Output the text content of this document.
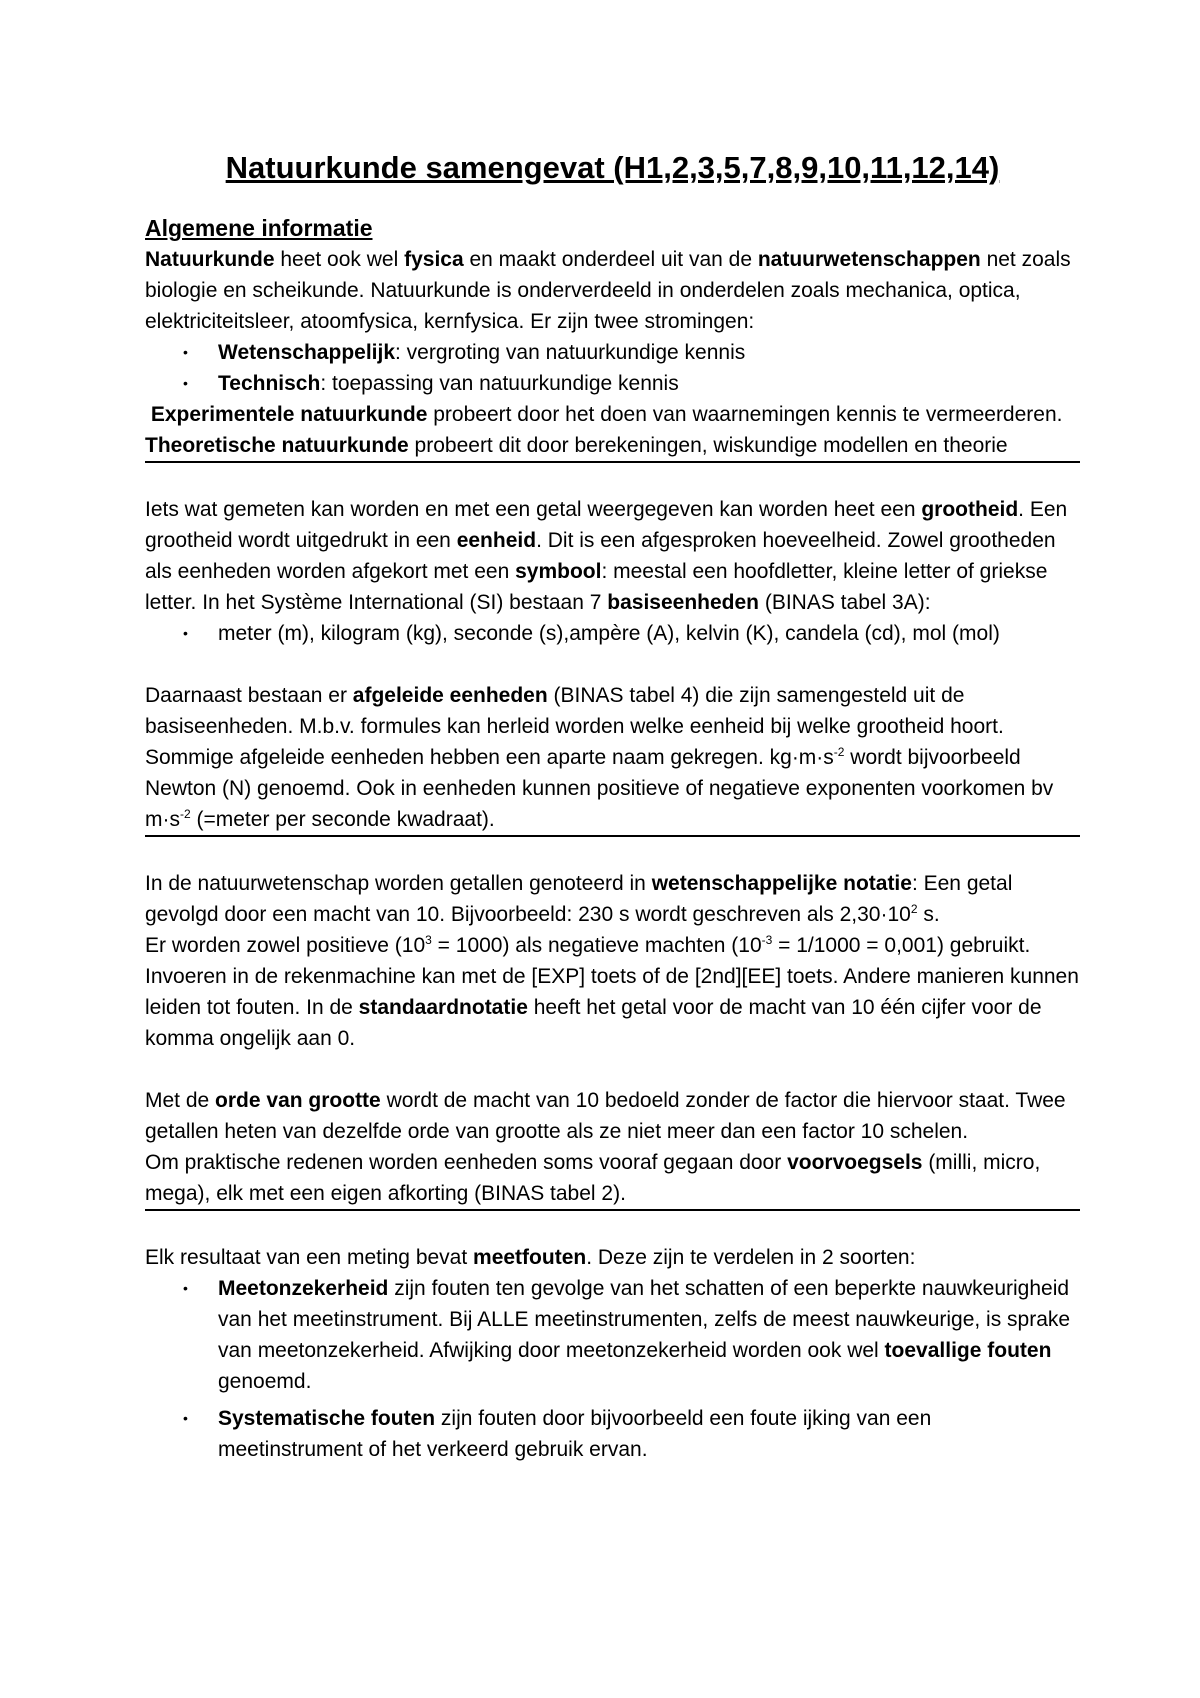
Natuurkunde samengevat (H1,2,3,5,7,8,9,10,11,12,14)
Algemene informatie

Natuurkunde heet ook wel fysica en maakt onderdeel uit van de natuurwetenschappen net zoals biologie en scheikunde. Natuurkunde is onderverdeeld in onderdelen zoals mechanica, optica, elektriciteitsleer, atoomfysica, kernfysica. Er zijn twee stromingen:

• Wetenschappelijk: vergroting van natuurkundige kennis
• Technisch: toepassing van natuurkundige kennis

Experimentele natuurkunde probeert door het doen van waarnemingen kennis te vermeerderen. Theoretische natuurkunde probeert dit door berekeningen, wiskundige modellen en theorie

Iets wat gemeten kan worden en met een getal weergegeven kan worden heet een grootheid. Een grootheid wordt uitgedrukt in een eenheid. Dit is een afgesproken hoeveelheid. Zowel grootheden als eenheden worden afgekort met een symbool: meestal een hoofdletter, kleine letter of griekse letter. In het Système International (SI) bestaan 7 basiseenheden (BINAS tabel 3A):

• meter (m), kilogram (kg), seconde (s),ampère (A), kelvin (K), candela (cd), mol (mol)

Daarnaast bestaan er afgeleide eenheden (BINAS tabel 4) die zijn samengesteld uit de basiseenheden. M.b.v. formules kan herleid worden welke eenheid bij welke grootheid hoort. Sommige afgeleide eenheden hebben een aparte naam gekregen. $kg\cdot m\cdot s^{-2}$ wordt bijvoorbeeld Newton (N) genoemd. Ook in eenheden kunnen positieve of negatieve exponenten voorkomen bv $m\cdot s^{-2}$ (=meter per seconde kwadraat).

In de natuurwetenschap worden getallen genoteerd in wetenschappelijke notatie: Een getal gevolgd door een macht van 10. Bijvoorbeeld: 230 s wordt geschreven als $2,30\cdot 10^2$ s.

Er worden zowel positieve $(10^3 = 1000)$ als negatieve machten $(10^{-3} = 1/1000 = 0,001)$ gebruikt. Invoeren in de rekenmachine kan met de [EXP] toets of de [2nd][EE] toets. Andere manieren kunnen leiden tot fouten. In de standaardnotatie heeft het getal voor de macht van 10 één cijfer voor de komma ongelijk aan 0.

Met de orde van grootte wordt de macht van 10 bedoeld zonder de factor die hiervoor staat. Twee getallen heten van dezelfde orde van grootte als ze niet meer dan een factor 10 schelen.

Om praktische redenen worden eenheden soms vooraf gegaan door voorvoegsels (milli, micro, mega), elk met een eigen afkorting (BINAS tabel 2).

Elk resultaat van een meting bevat meetfouten. Deze zijn te verdelen in 2 soorten:

• Meetonzekerheid zijn fouten ten gevolge van het schatten of een beperkte nauwkeurigheid van het meetinstrument. Bij ALLE meetinstrumenten, zelfs de meest nauwkeurige, is sprake van meetonzekerheid. Afwijking door meetonzekerheid worden ook wel toevallige fouten genoemd.
• Systematische fouten zijn fouten door bijvoorbeeld een foute ijking van een meetinstrument of het verkeerd gebruik ervan.
